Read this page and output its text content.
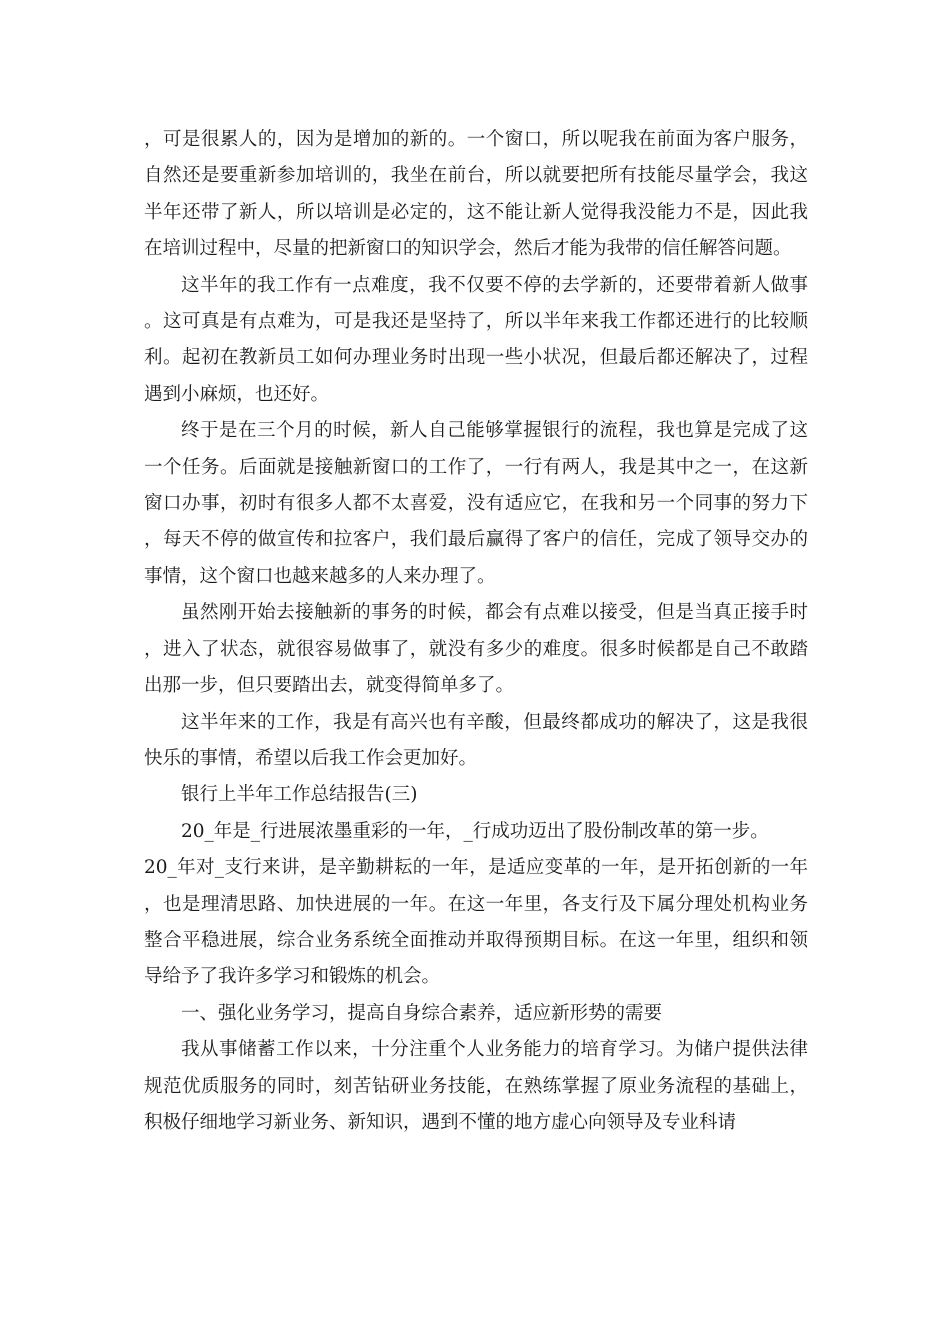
，可是很累人的，因为是增加的新的。一个窗口，所以呢我在前面为客户服务，自然还是要重新参加培训的，我坐在前台，所以就要把所有技能尽量学会，我这半年还带了新人，所以培训是必定的，这不能让新人觉得我没能力不是，因此我在培训过程中，尽量的把新窗口的知识学会，然后才能为我带的信任解答问题。

这半年的我工作有一点难度，我不仅要不停的去学新的，还要带着新人做事。这可真是有点难为，可是我还是坚持了，所以半年来我工作都还进行的比较顺利。起初在教新员工如何办理业务时出现一些小状况，但最后都还解决了，过程遇到小麻烦，也还好。

终于是在三个月的时候，新人自己能够掌握银行的流程，我也算是完成了这一个任务。后面就是接触新窗口的工作了，一行有两人，我是其中之一，在这新窗口办事，初时有很多人都不太喜爱，没有适应它，在我和另一个同事的努力下，每天不停的做宣传和拉客户，我们最后赢得了客户的信任，完成了领导交办的事情，这个窗口也越来越多的人来办理了。

虽然刚开始去接触新的事务的时候，都会有点难以接受，但是当真正接手时，进入了状态，就很容易做事了，就没有多少的难度。很多时候都是自己不敢踏出那一步，但只要踏出去，就变得简单多了。

这半年来的工作，我是有高兴也有辛酸，但最终都成功的解决了，这是我很快乐的事情，希望以后我工作会更加好。

银行上半年工作总结报告(三)

20_年是_行进展浓墨重彩的一年，_行成功迈出了股份制改革的第一步。

20_年对_支行来讲，是辛勤耕耘的一年，是适应变革的一年，是开拓创新的一年，也是理清思路、加快进展的一年。在这一年里，各支行及下属分理处机构业务整合平稳进展，综合业务系统全面推动并取得预期目标。在这一年里，组织和领导给予了我许多学习和锻炼的机会。

一、强化业务学习，提高自身综合素养，适应新形势的需要

我从事储蓄工作以来，十分注重个人业务能力的培育学习。为储户提供法律规范优质服务的同时，刻苦钻研业务技能，在熟练掌握了原业务流程的基础上，积极仔细地学习新业务、新知识，遇到不懂的地方虚心向领导及专业科请
